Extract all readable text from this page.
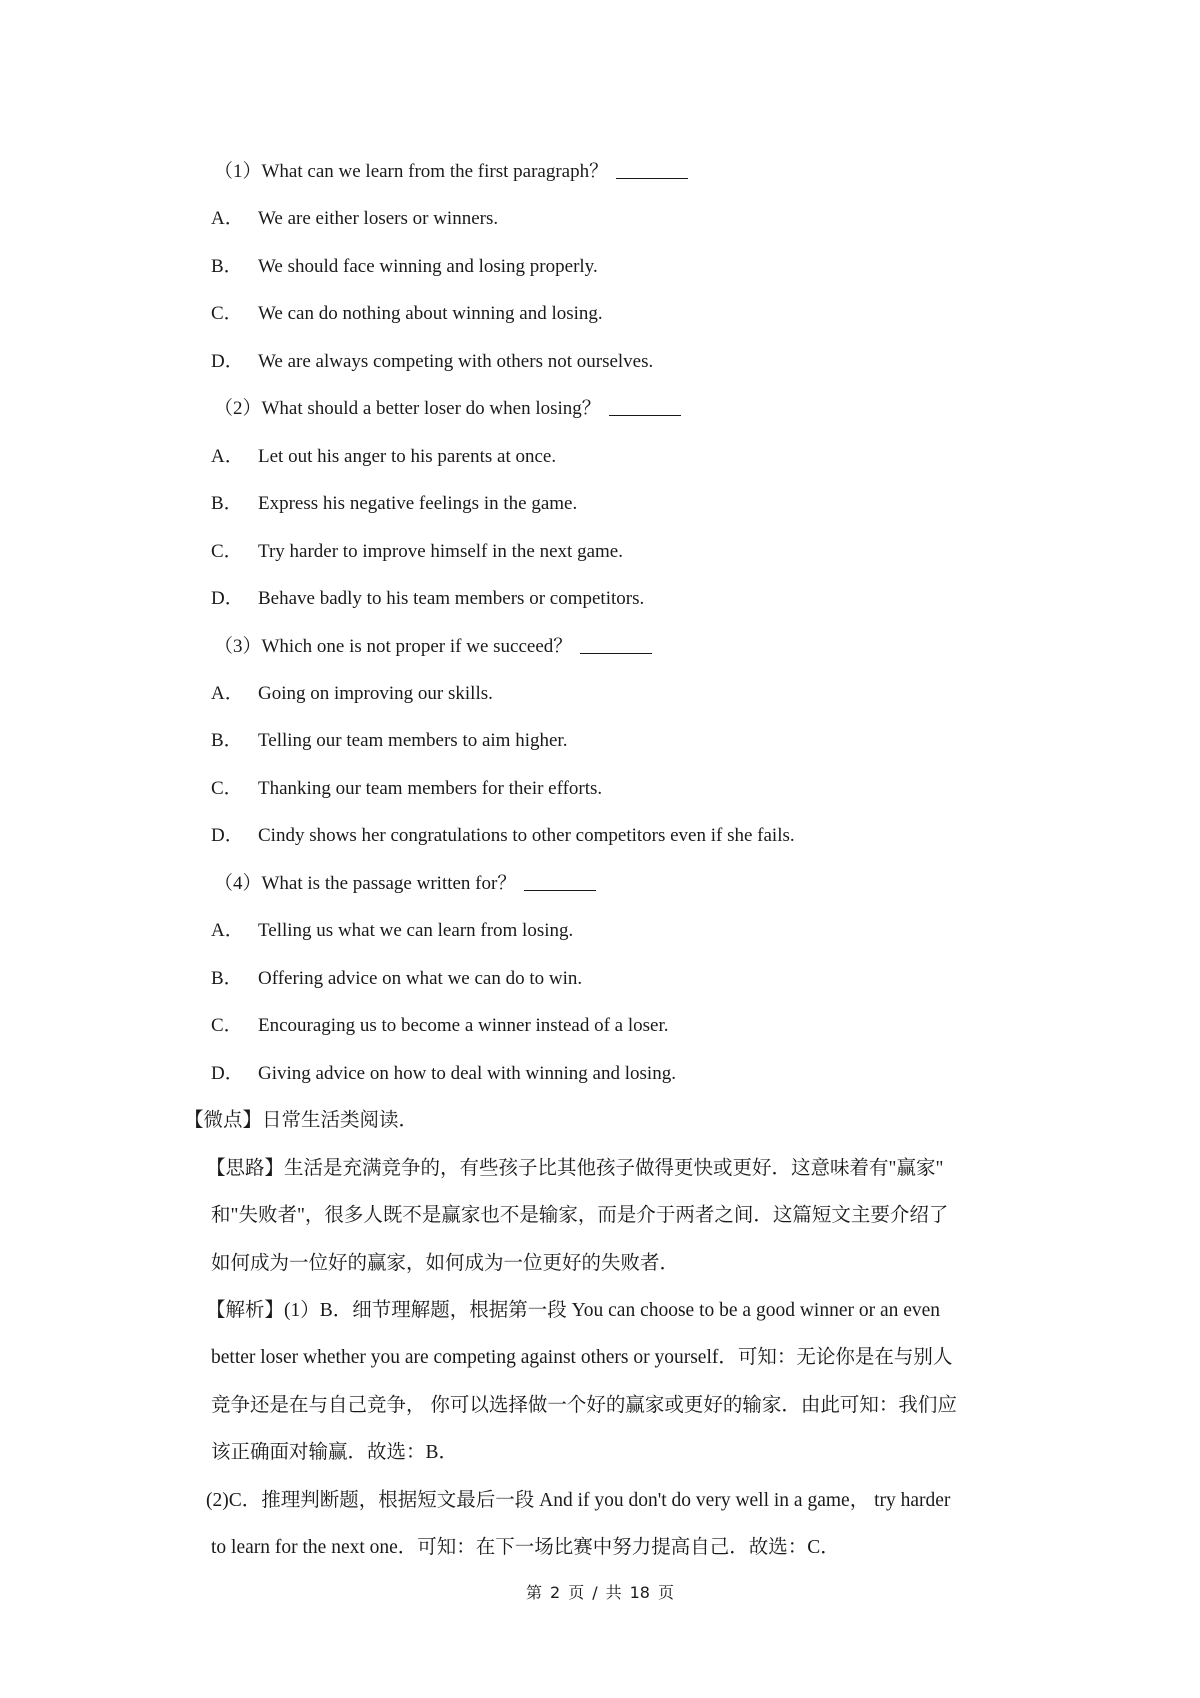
（1）What can we learn from the first paragraph？
A． We are either losers or winners.
B． We should face winning and losing properly.
C． We can do nothing about winning and losing.
D． We are always competing with others not ourselves.
（2）What should a better loser do when losing？
A． Let out his anger to his parents at once.
B． Express his negative feelings in the game.
C． Try harder to improve himself in the next game.
D． Behave badly to his team members or competitors.
（3）Which one is not proper if we succeed？
A． Going on improving our skills.
B． Telling our team members to aim higher.
C． Thanking our team members for their efforts.
D． Cindy shows her congratulations to other competitors even if she fails.
（4）What is the passage written for？
A． Telling us what we can learn from losing.
B． Offering advice on what we can do to win.
C． Encouraging us to become a winner instead of a loser.
D． Giving advice on how to deal with winning and losing.
【微点】日常生活类阅读．
【思路】生活是充满竞争的，有些孩子比其他孩子做得更快或更好．这意味着有"赢家"
和"失败者"，很多人既不是赢家也不是输家，而是介于两者之间．这篇短文主要介绍了
如何成为一位好的赢家，如何成为一位更好的失败者．
【解析】(1）B．细节理解题，根据第一段 You can choose to be a good winner or an even
better loser whether you are competing against others or yourself．可知：无论你是在与别人
竞争还是在与自己竞争， 你可以选择做一个好的赢家或更好的输家．由此可知：我们应
该正确面对输赢．故选：B．
(2)C．推理判断题，根据短文最后一段 And if you don't do very well in a game， try harder
to learn for the next one．可知：在下一场比赛中努力提高自己．故选：C．
第 2 页 / 共 18 页
